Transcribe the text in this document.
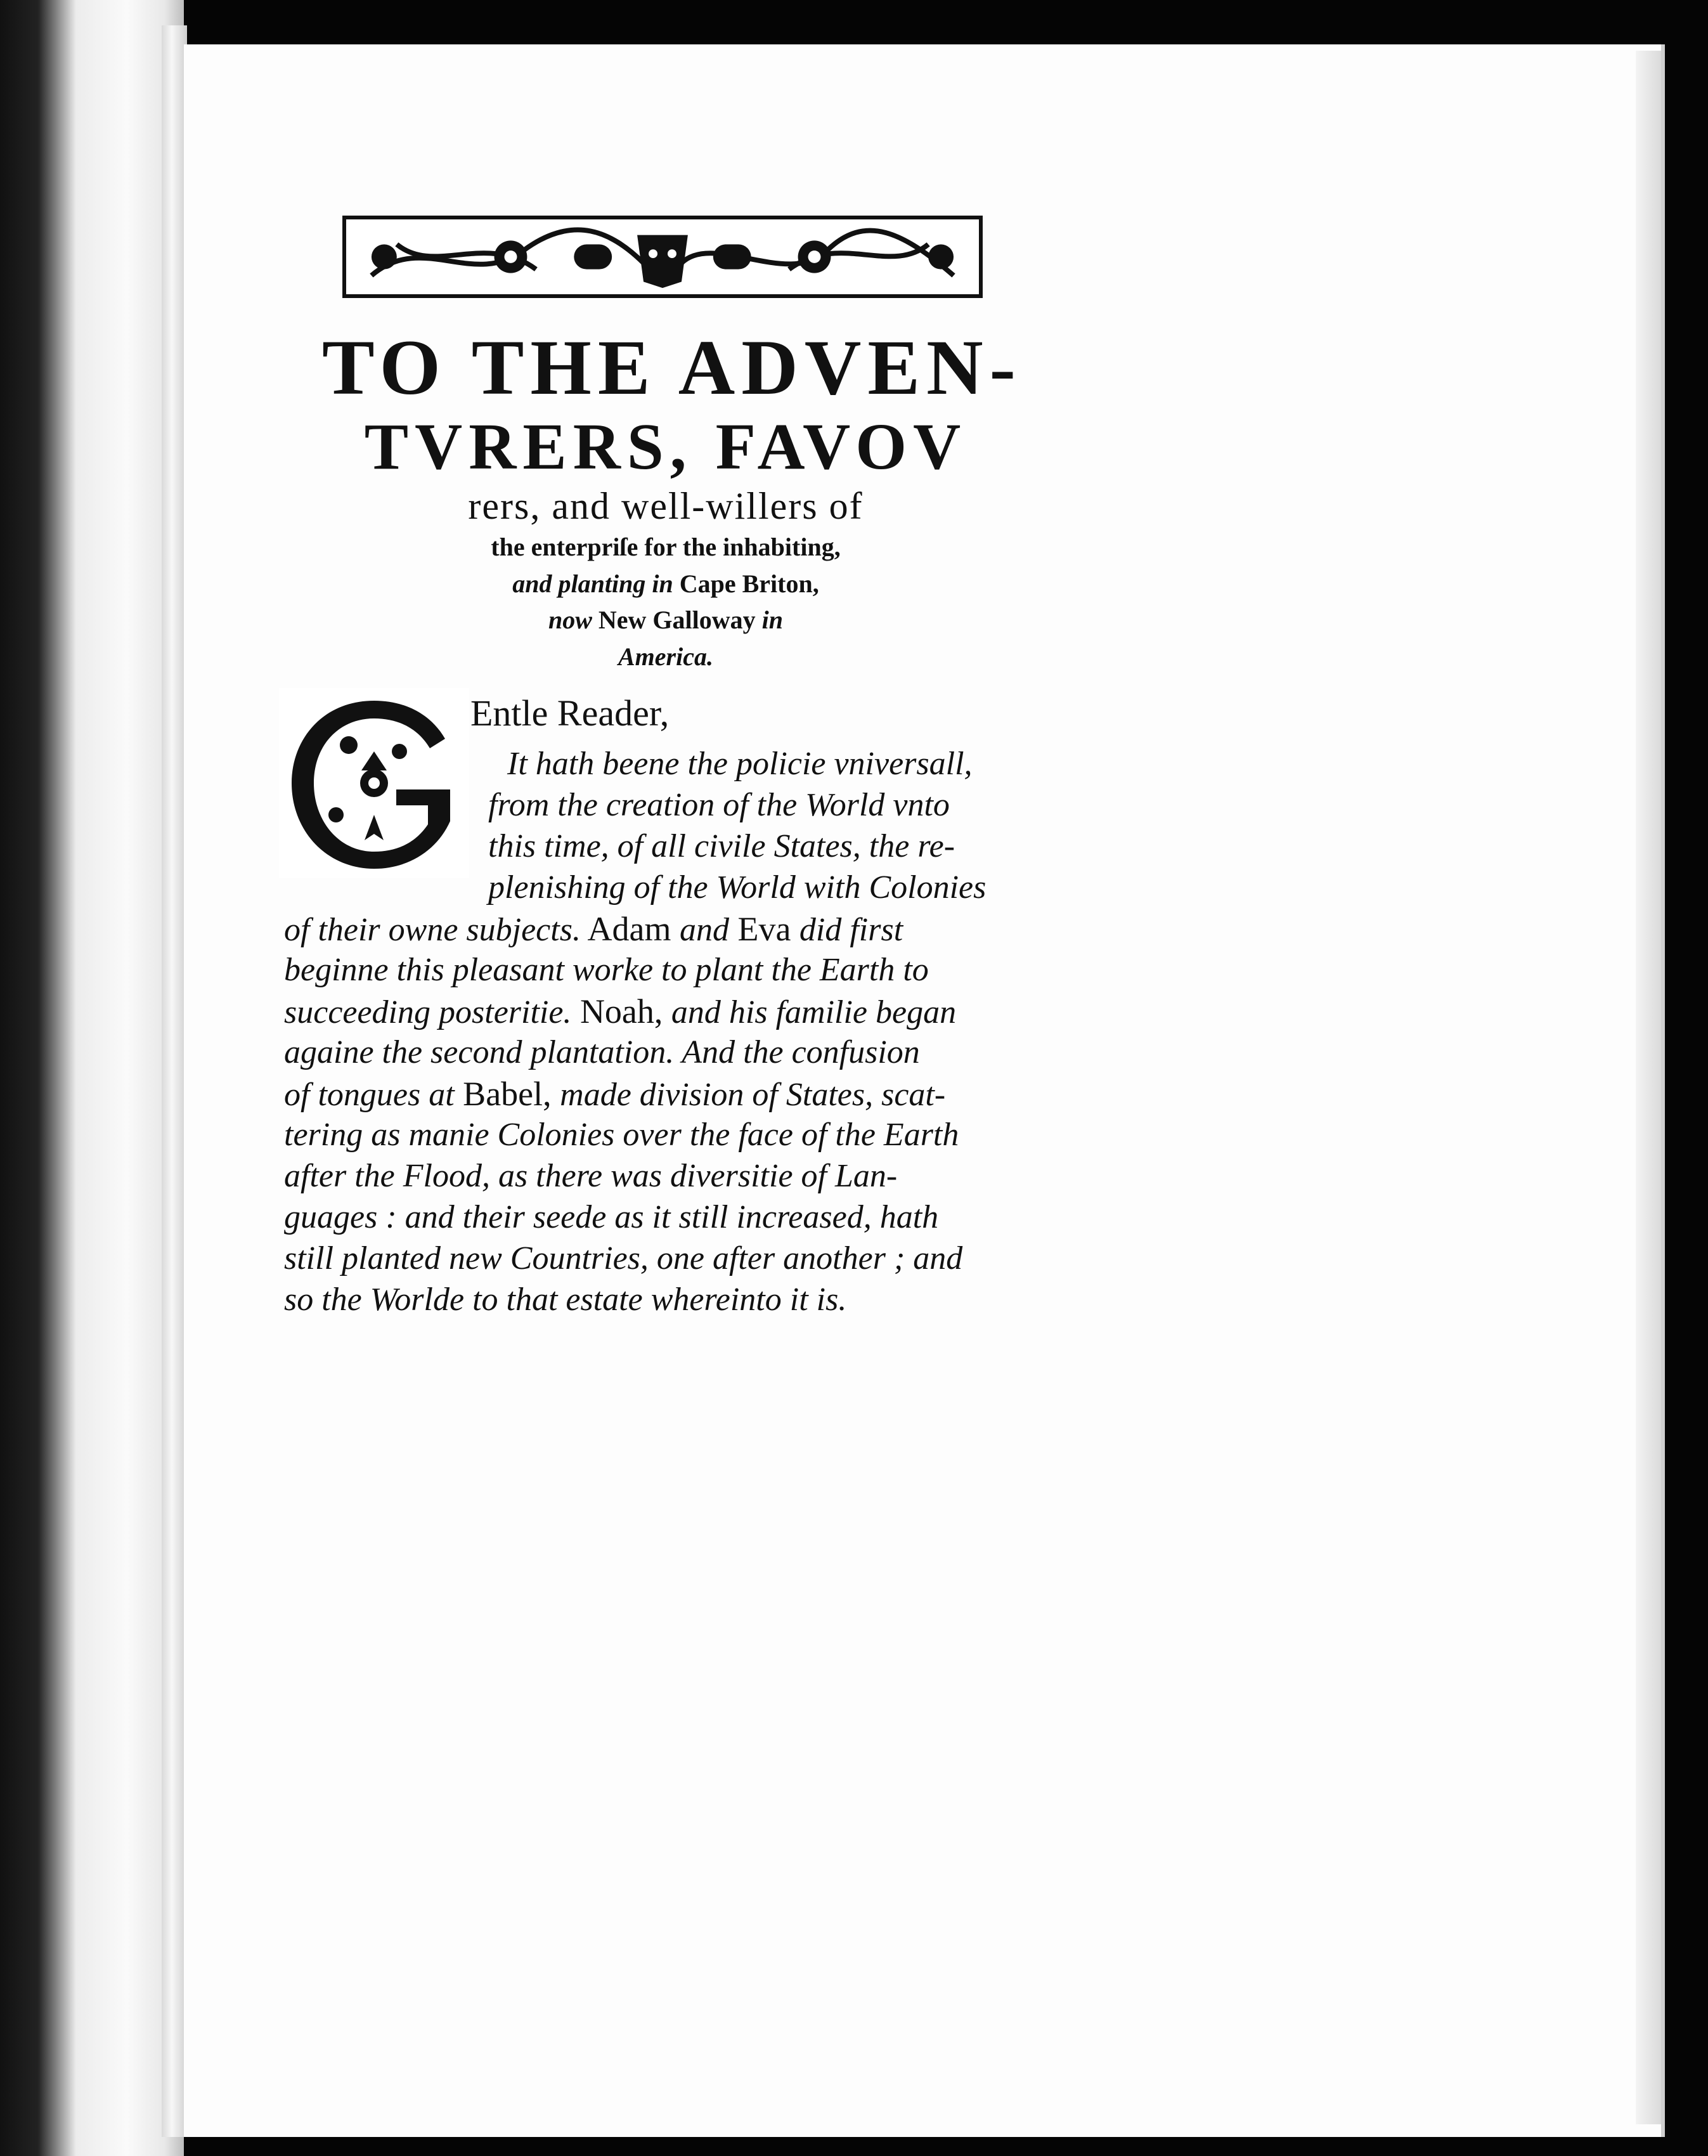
TO THE ADVEN-
TVRERS, FAVOV
rers, and well-willers of
the enterpriſe for the inhabiting,
and planting in Cape Briton,
now New Galloway in
America.
Entle Reader,
It hath beene the policie vniversall,
from the creation of the World vnto
this time, of all civile States, the re-
plenishing of the World with Colonies
of their owne subjects. Adam and Eva did first
beginne this pleasant worke to plant the Earth to
succeeding posteritie. Noah, and his familie began
againe the second plantation. And the confusion
of tongues at Babel, made division of States, scat-
tering as manie Colonies over the face of the Earth
after the Flood, as there was diversitie of Lan-
guages : and their seede as it still increased, hath
still planted new Countries, one after another ; and
so the Worlde to that estate whereinto it is.
